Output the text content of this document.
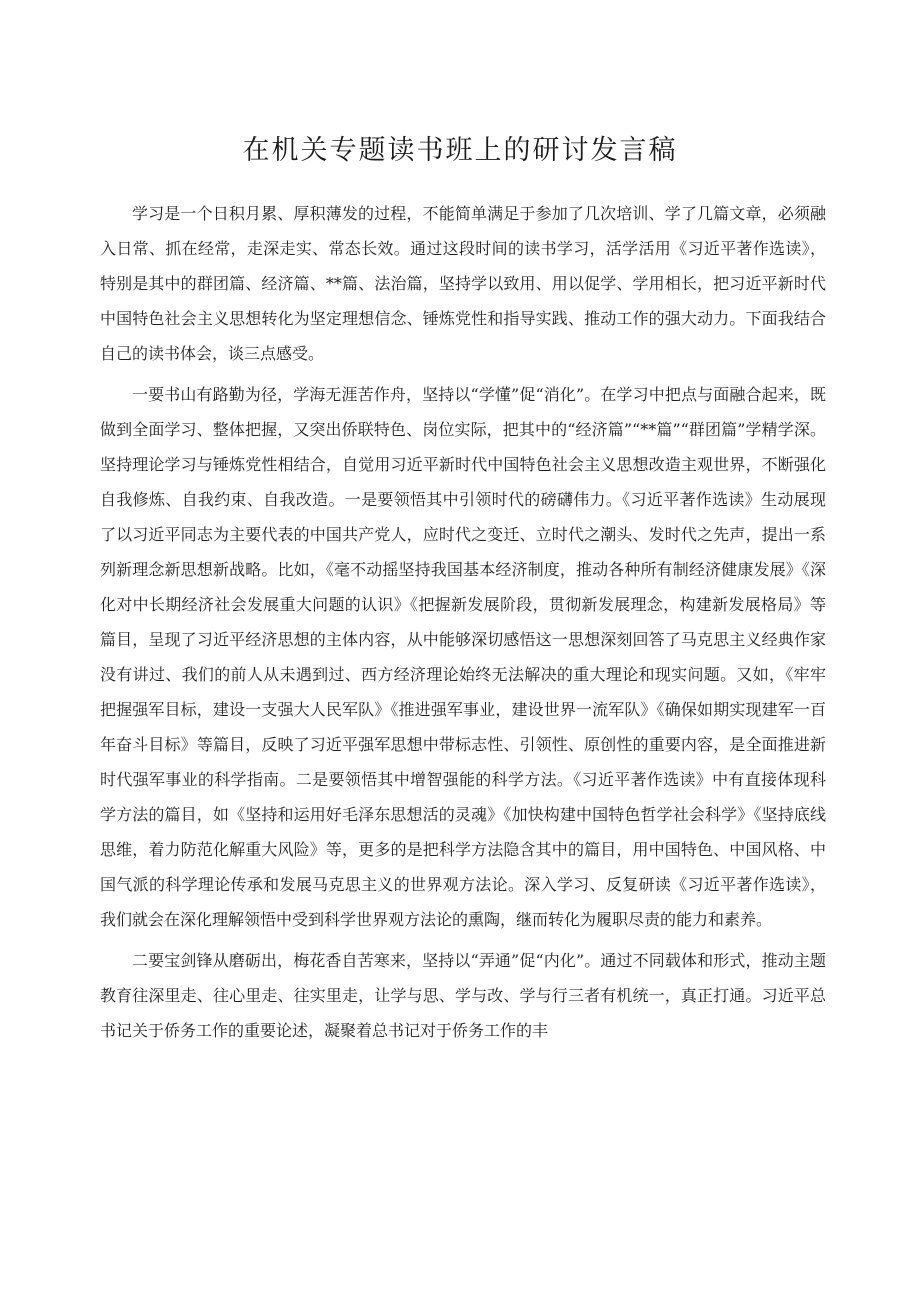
在机关专题读书班上的研讨发言稿

学习是一个日积月累、厚积薄发的过程，不能简单满足于参加了几次培训、学了几篇文章，必须融入日常、抓在经常，走深走实、常态长效。通过这段时间的读书学习，活学活用《习近平著作选读》，特别是其中的群团篇、经济篇、**篇、法治篇，坚持学以致用、用以促学、学用相长，把习近平新时代中国特色社会主义思想转化为坚定理想信念、锤炼党性和指导实践、推动工作的强大动力。下面我结合自己的读书体会，谈三点感受。

一要书山有路勤为径，学海无涯苦作舟，坚持以“学懂”促“消化”。在学习中把点与面融合起来，既做到全面学习、整体把握，又突出侨联特色、岗位实际，把其中的“经济篇”“**篇”“群团篇”学精学深。坚持理论学习与锤炼党性相结合，自觉用习近平新时代中国特色社会主义思想改造主观世界，不断强化自我修炼、自我约束、自我改造。一是要领悟其中引领时代的磅礴伟力。《习近平著作选读》生动展现了以习近平同志为主要代表的中国共产党人，应时代之变迁、立时代之潮头、发时代之先声，提出一系列新理念新思想新战略。比如，《毫不动摇坚持我国基本经济制度，推动各种所有制经济健康发展》《深化对中长期经济社会发展重大问题的认识》《把握新发展阶段，贯彻新发展理念，构建新发展格局》等篇目，呈现了习近平经济思想的主体内容，从中能够深切感悟这一思想深刻回答了马克思主义经典作家没有讲过、我们的前人从未遇到过、西方经济理论始终无法解决的重大理论和现实问题。又如，《牢牢把握强军目标，建设一支强大人民军队》《推进强军事业，建设世界一流军队》《确保如期实现建军一百年奋斗目标》等篇目，反映了习近平强军思想中带标志性、引领性、原创性的重要内容，是全面推进新时代强军事业的科学指南。二是要领悟其中增智强能的科学方法。《习近平著作选读》中有直接体现科学方法的篇目，如《坚持和运用好毛泽东思想活的灵魂》《加快构建中国特色哲学社会科学》《坚持底线思维，着力防范化解重大风险》等，更多的是把科学方法隐含其中的篇目，用中国特色、中国风格、中国气派的科学理论传承和发展马克思主义的世界观方法论。深入学习、反复研读《习近平著作选读》，我们就会在深化理解领悟中受到科学世界观方法论的熏陶，继而转化为履职尽责的能力和素养。

二要宝剑锋从磨砺出，梅花香自苦寒来，坚持以“弄通”促“内化”。通过不同载体和形式，推动主题教育往深里走、往心里走、往实里走，让学与思、学与改、学与行三者有机统一，真正打通。习近平总书记关于侨务工作的重要论述，凝聚着总书记对于侨务工作的丰
